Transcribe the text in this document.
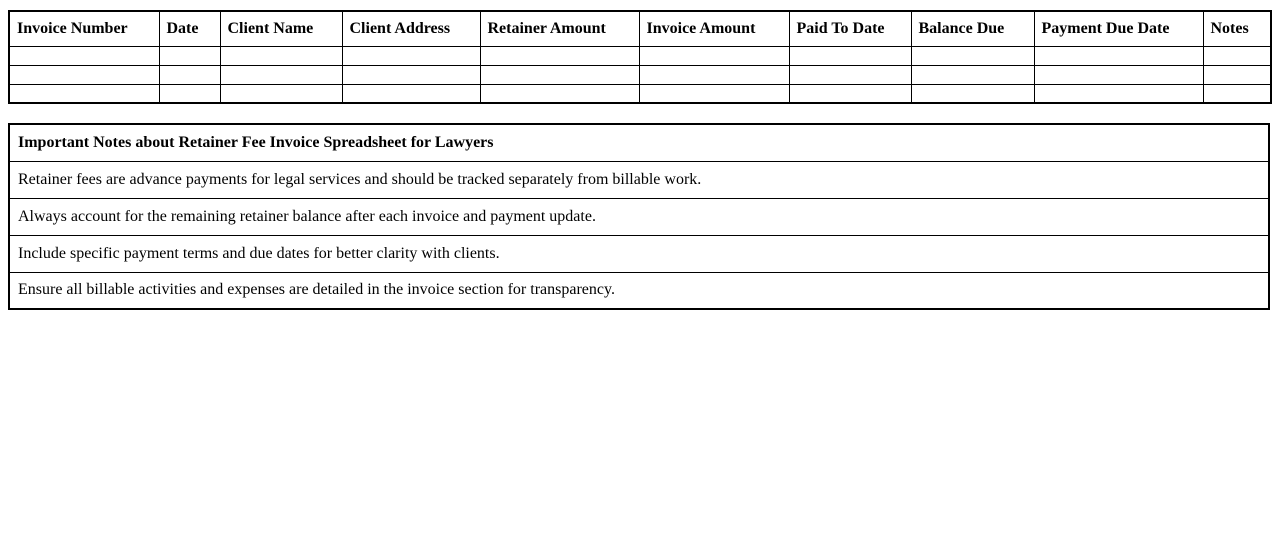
Invoice Number	Date	Client Name	Client Address	Retainer Amount	Invoice Amount	Paid To Date	Balance Due	Payment Due Date	Notes

Important Notes about Retainer Fee Invoice Spreadsheet for Lawyers
Retainer fees are advance payments for legal services and should be tracked separately from billable work.
Always account for the remaining retainer balance after each invoice and payment update.
Include specific payment terms and due dates for better clarity with clients.
Ensure all billable activities and expenses are detailed in the invoice section for transparency.
